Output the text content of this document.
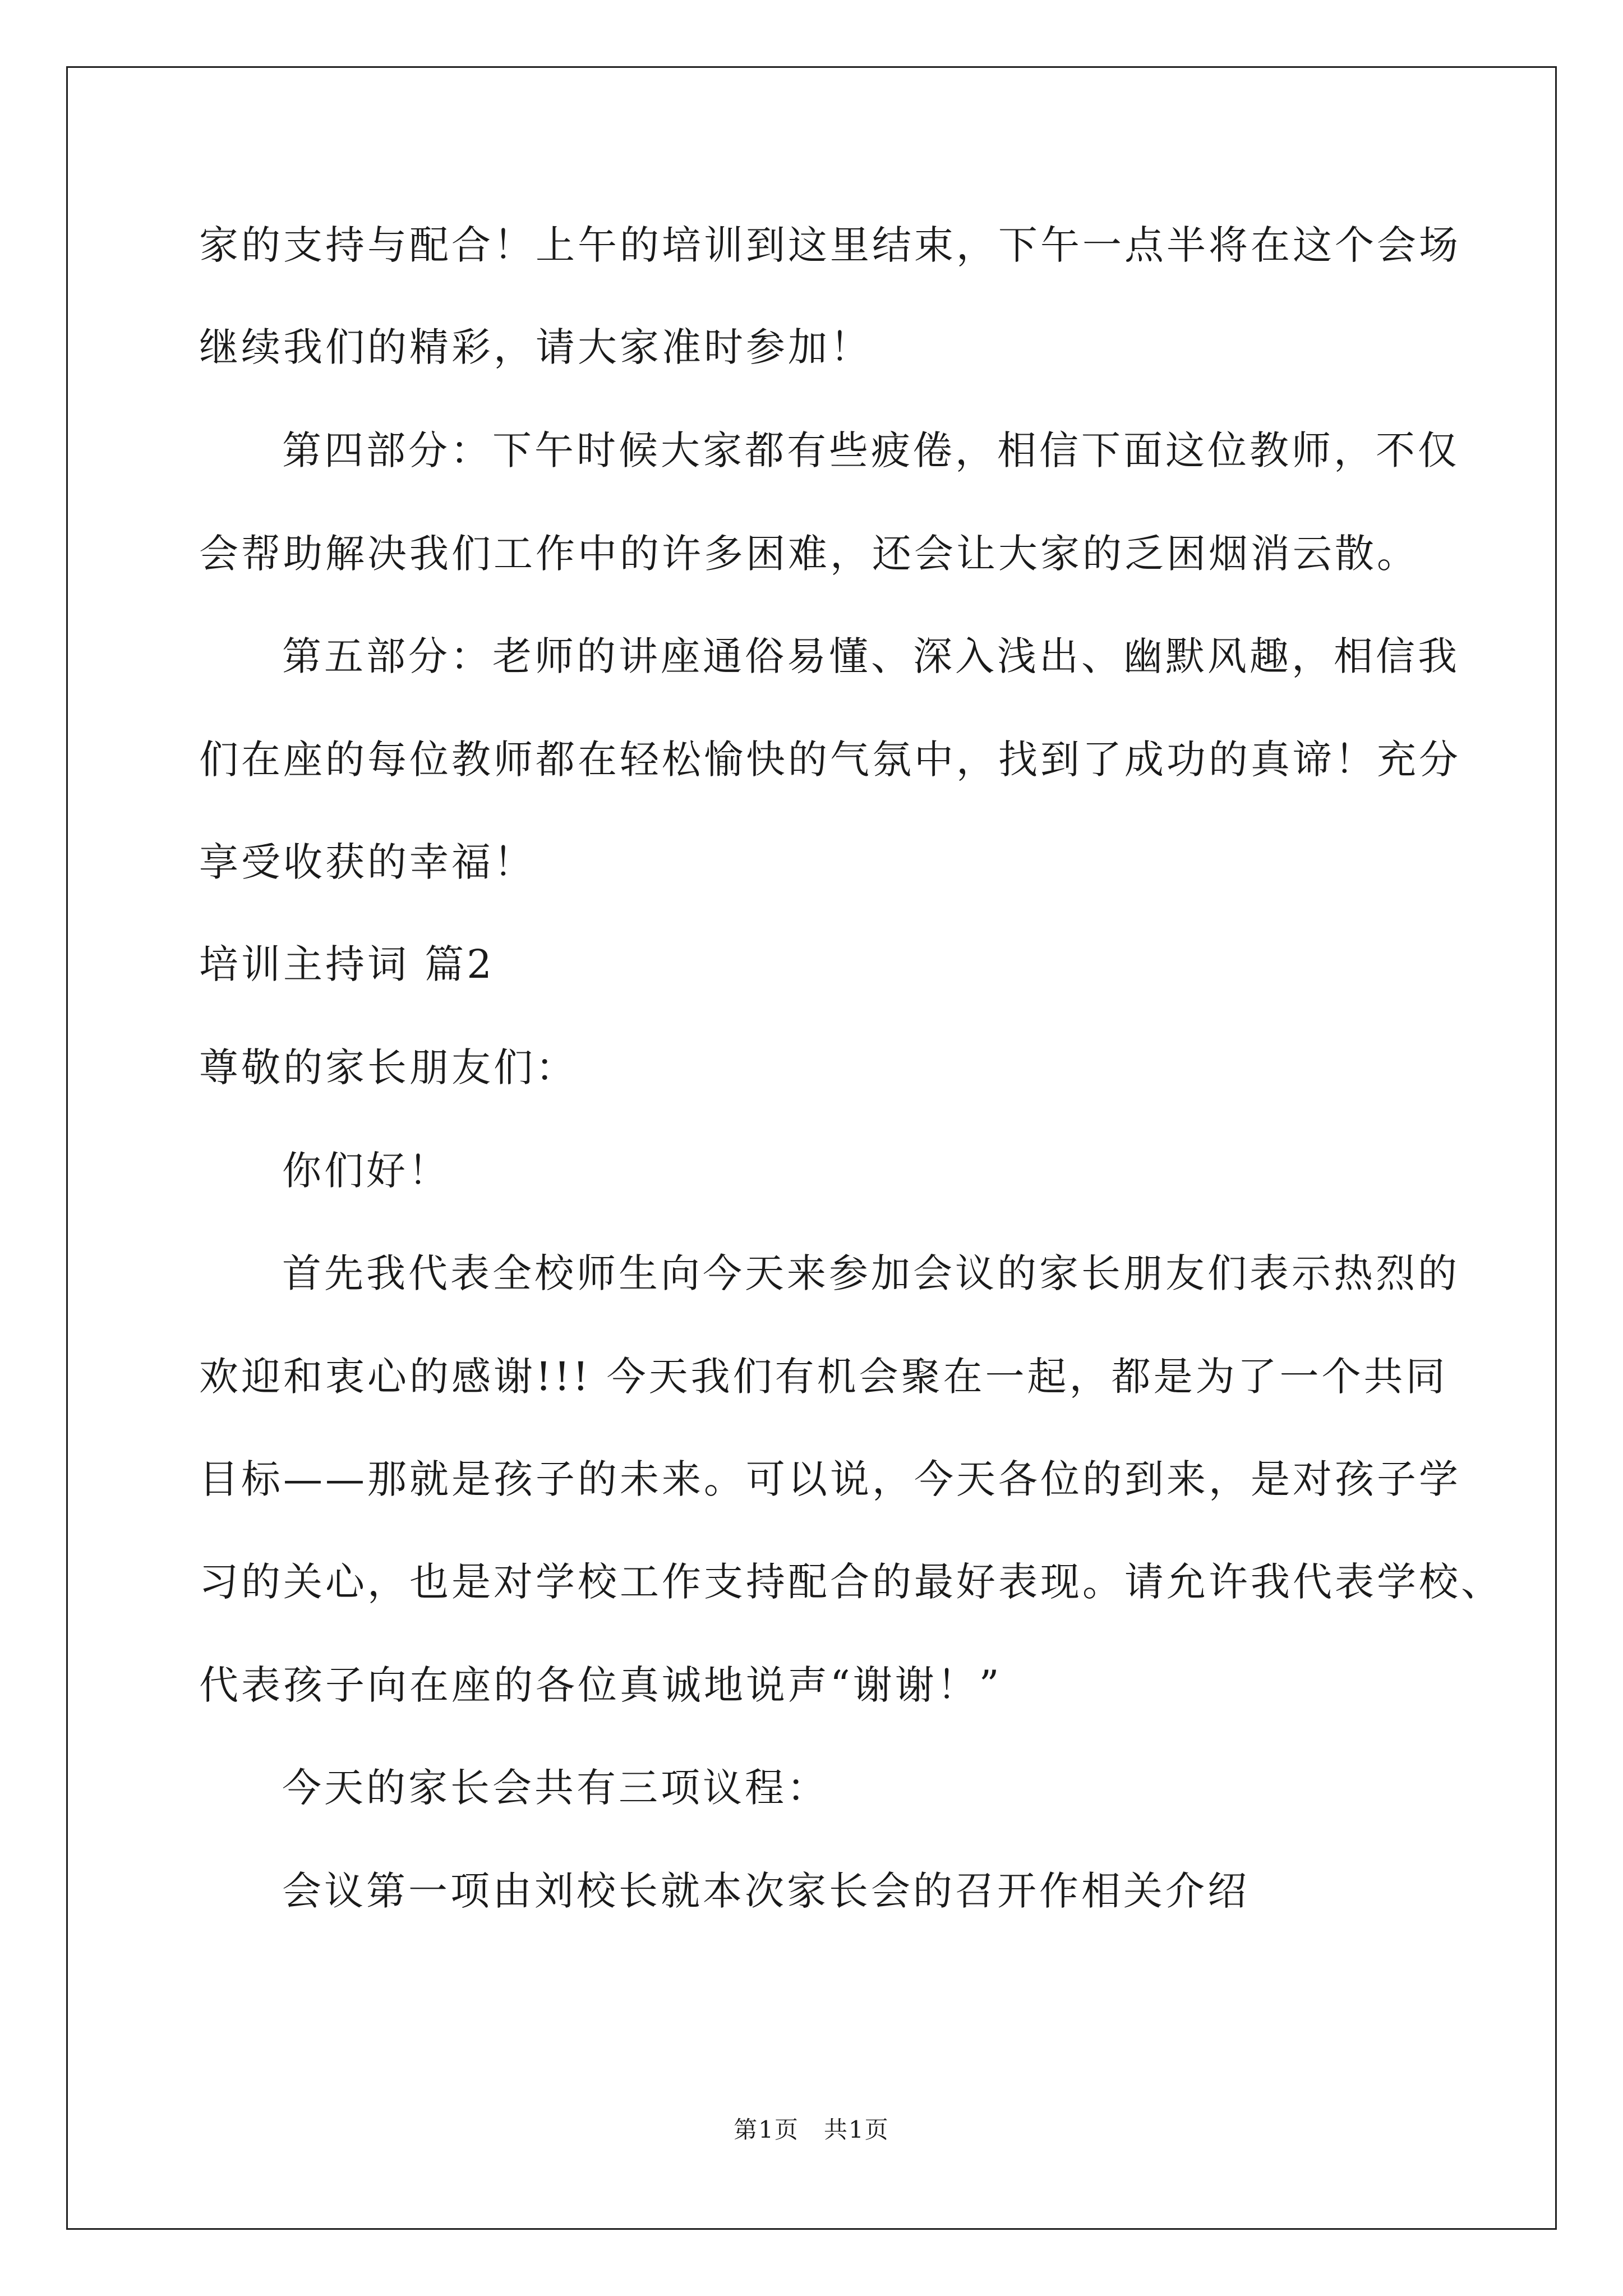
家的支持与配合！上午的培训到这里结束，下午一点半将在这个会场
继续我们的精彩，请大家准时参加！
第四部分：下午时候大家都有些疲倦，相信下面这位教师，不仅
会帮助解决我们工作中的许多困难，还会让大家的乏困烟消云散。
第五部分：老师的讲座通俗易懂、深入浅出、幽默风趣，相信我
们在座的每位教师都在轻松愉快的气氛中，找到了成功的真谛！充分
享受收获的幸福！
培训主持词 篇2
尊敬的家长朋友们：
你们好！
首先我代表全校师生向今天来参加会议的家长朋友们表示热烈的
欢迎和衷心的感谢!!! 今天我们有机会聚在一起，都是为了一个共同
目标——那就是孩子的未来。可以说，今天各位的到来，是对孩子学
习的关心，也是对学校工作支持配合的最好表现。请允许我代表学校、
代表孩子向在座的各位真诚地说声“谢谢！”
今天的家长会共有三项议程：
会议第一项由刘校长就本次家长会的召开作相关介绍
第1页　共1页
